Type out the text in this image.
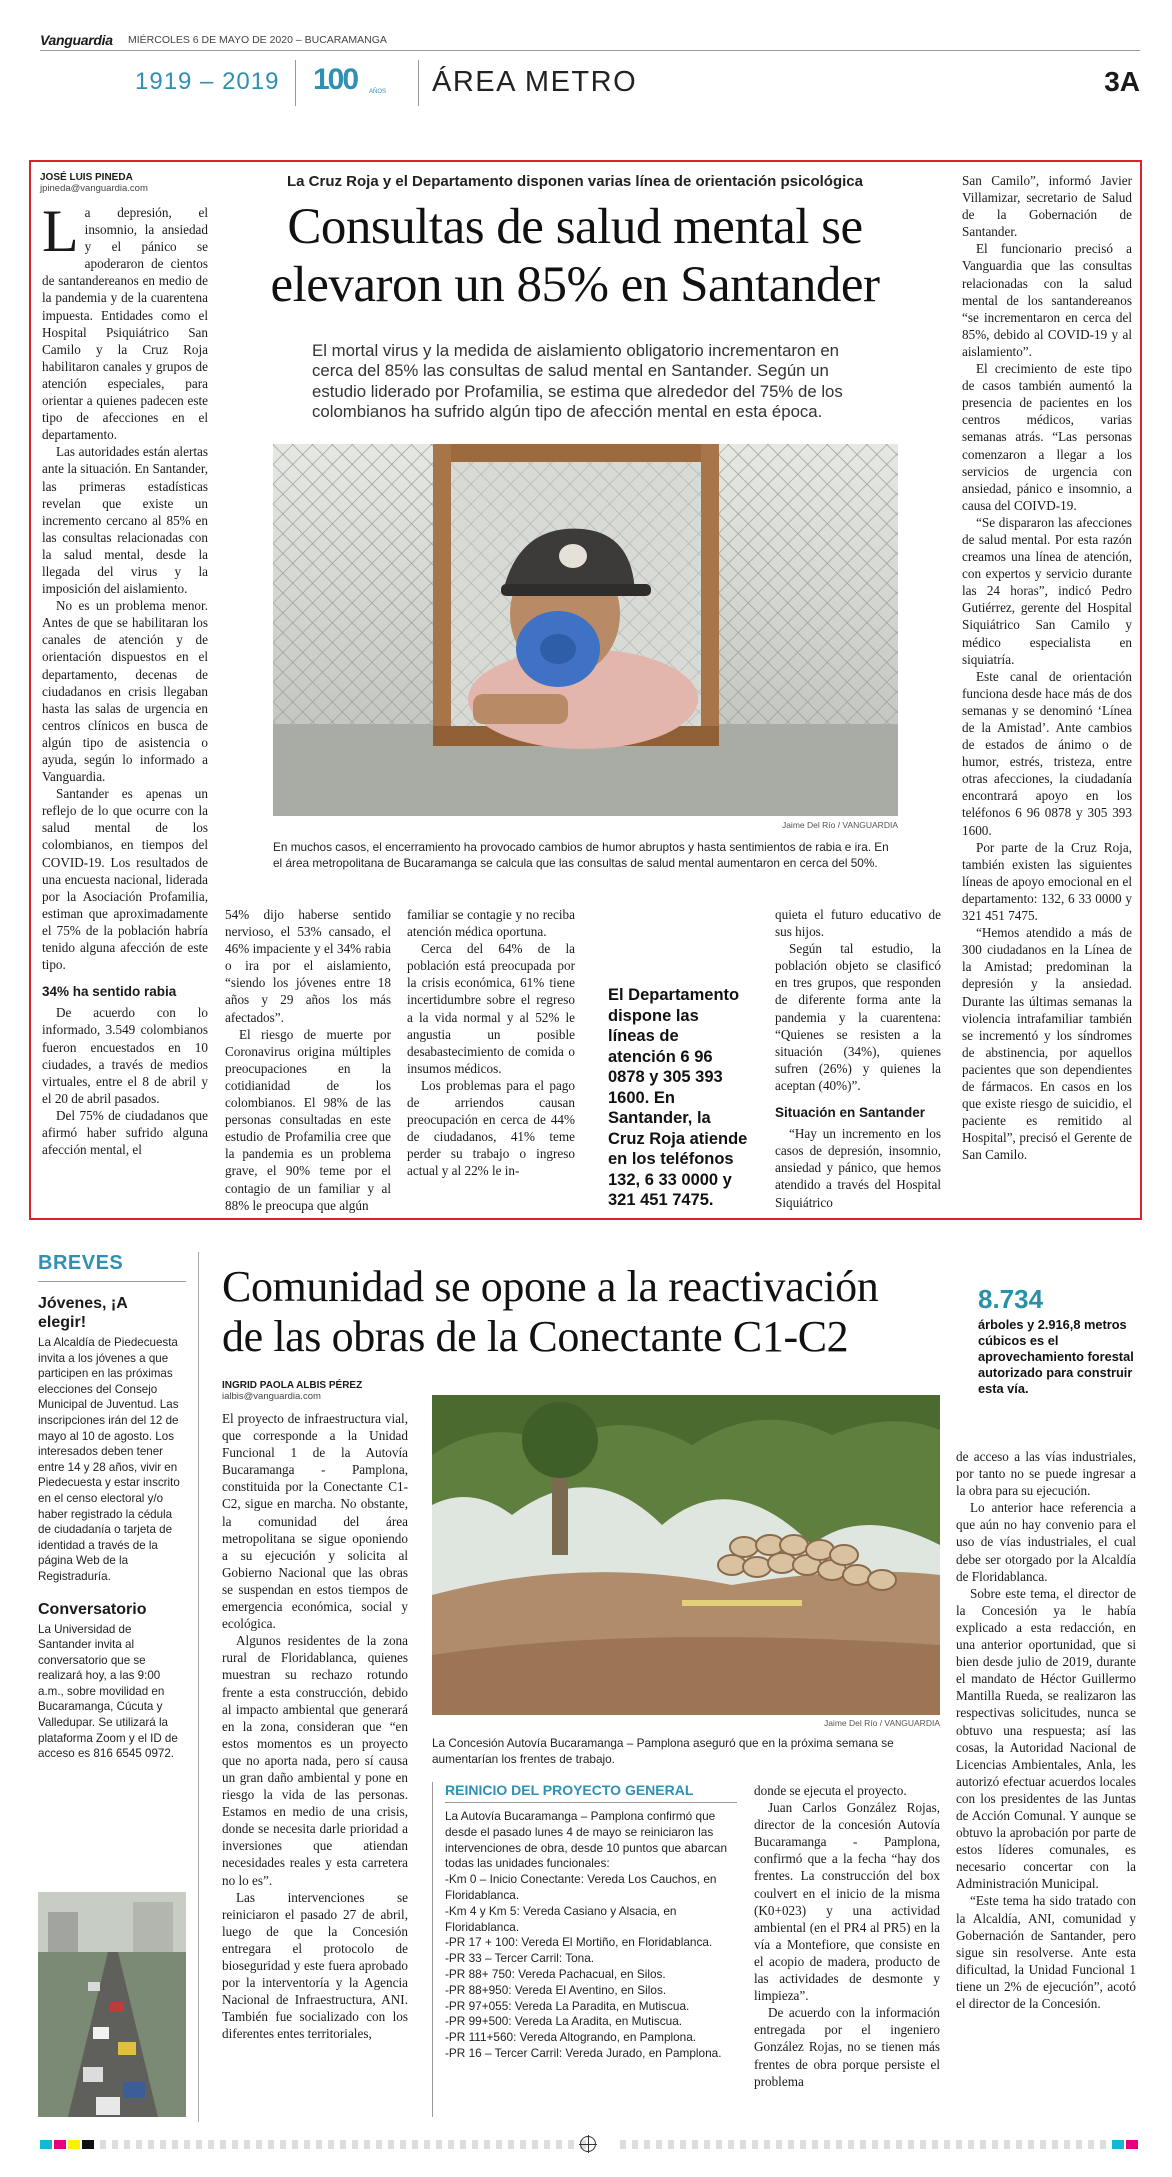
Vanguardia MIÉRCOLES 6 DE MAYO DE 2020 – BUCARAMANGA
1919 – 2019 100 AÑOS ÁREA METRO	3A
JOSÉ LUIS PINEDA
jpineda@vanguardia.com	La Cruz Roja y el Departamento disponen varias línea de orientación psicológica
Consultas de salud mental se
elevaron un 85% en Santander
El mortal virus y la medida de aislamiento obligatorio incrementaron en cerca del 85% las consultas de salud mental en Santander. Según un estudio liderado por Profamilia, se estima que alrededor del 75% de los colombianos ha sufrido algún tipo de afección mental en esta época.
Jaime Del Río / VANGUARDIA
En muchos casos, el encerramiento ha provocado cambios de humor abruptos y hasta sentimientos de rabia e ira. En el área metropolitana de Bucaramanga se calcula que las consultas de salud mental aumentaron en cerca del 50%.
L a depresión, el insomnio, la ansiedad y el pánico se apoderaron de cientos de santandereanos en medio de la pandemia y de la cuarentena impuesta. Entidades como el Hospital Psiquiátrico San Camilo y la Cruz Roja habilitaron canales y grupos de atención especiales, para orientar a quienes padecen este tipo de afecciones en el departamento.

Las autoridades están alertas ante la situación. En Santander, las primeras estadísticas revelan que existe un incremento cercano al 85% en las consultas relacionadas con la salud mental, desde la llegada del virus y la imposición del aislamiento.

No es un problema menor. Antes de que se habilitaran los canales de atención y de orientación dispuestos en el departamento, decenas de ciudadanos en crisis llegaban hasta las salas de urgencia en centros clínicos en busca de algún tipo de asistencia o ayuda, según lo informado a Vanguardia.

Santander es apenas un reflejo de lo que ocurre con la salud mental de los colombianos, en tiempos del COVID-19. Los resultados de una encuesta nacional, liderada por la Asociación Profamilia, estiman que aproximadamente el 75% de la población habría tenido alguna afección de este tipo.

34% ha sentido rabia

De acuerdo con lo informado, 3.549 colombianos fueron encuestados en 10 ciudades, a través de medios virtuales, entre el 8 de abril y el 20 de abril pasados.

Del 75% de ciudadanos que afirmó haber sufrido alguna afección mental, el

54% dijo haberse sentido nervioso, el 53% cansado, el 46% impaciente y el 34% rabia o ira por el aislamiento, “siendo los jóvenes entre 18 años y 29 años los más afectados”.

El riesgo de muerte por Coronavirus origina múltiples preocupaciones en la cotidianidad de los colombianos. El 98% de las personas consultadas en este estudio de Profamilia cree que la pandemia es un problema grave, el 90% teme por el contagio de un familiar y al 88% le preocupa que algún

familiar se contagie y no reciba atención médica oportuna.

Cerca del 64% de la población está preocupada por la crisis económica, 61% tiene incertidumbre sobre el regreso a la vida normal y al 52% le angustia un posible desabastecimiento de comida o insumos médicos.

Los problemas para el pago de arriendos causan preocupación en cerca de 44% de ciudadanos, 41% teme perder su trabajo o ingreso actual y al 22% le in-

El Departamento dispone las líneas de atención 6 96 0878 y 305 393 1600. En Santander, la Cruz Roja atiende en los teléfonos 132, 6 33 0000 y 321 451 7475.

quieta el futuro educativo de sus hijos.

Según tal estudio, la población objeto se clasificó en tres grupos, que responden de diferente forma ante la pandemia y la cuarentena: “Quienes se resisten a la situación (34%), quienes sufren (26%) y quienes la aceptan (40%)”.

Situación en Santander

“Hay un incremento en los casos de depresión, insomnio, ansiedad y pánico, que hemos atendido a través del Hospital Siquiátrico

San Camilo”, informó Javier Villamizar, secretario de Salud de la Gobernación de Santander.

El funcionario precisó a Vanguardia que las consultas relacionadas con la salud mental de los santandereanos “se incrementaron en cerca del 85%, debido al COVID-19 y al aislamiento”.

El crecimiento de este tipo de casos también aumentó la presencia de pacientes en los centros médicos, varias semanas atrás. “Las personas comenzaron a llegar a los servicios de urgencia con ansiedad, pánico e insomnio, a causa del COIVD-19.

“Se dispararon las afecciones de salud mental. Por esta razón creamos una línea de atención, con expertos y servicio durante las 24 horas”, indicó Pedro Gutiérrez, gerente del Hospital Siquiátrico San Camilo y médico especialista en siquiatría.

Este canal de orientación funciona desde hace más de dos semanas y se denominó ‘Línea de la Amistad’. Ante cambios de estados de ánimo o de humor, estrés, tristeza, entre otras afecciones, la ciudadanía encontrará apoyo en los teléfonos 6 96 0878 y 305 393 1600.

Por parte de la Cruz Roja, también existen las siguientes líneas de apoyo emocional en el departamento: 132, 6 33 0000 y 321 451 7475.

“Hemos atendido a más de 300 ciudadanos en la Línea de la Amistad; predominan la depresión y la ansiedad. Durante las últimas semanas la violencia intrafamiliar también se incrementó y los síndromes de abstinencia, por aquellos pacientes que son dependientes de fármacos. En casos en los que existe riesgo de suicidio, el paciente es remitido al Hospital”, precisó el Gerente de San Camilo.

BREVES
Jóvenes, ¡A elegir!
La Alcaldía de Piedecuesta invita a los jóvenes a que participen en las próximas elecciones del Consejo Municipal de Juventud. Las inscripciones irán del 12 de mayo al 10 de agosto. Los interesados deben tener entre 14 y 28 años, vivir en Piedecuesta y estar inscrito en el censo electoral y/o haber registrado la cédula de ciudadanía o tarjeta de identidad a través de la página Web de la Registraduría.
Conversatorio
La Universidad de Santander invita al conversatorio que se realizará hoy, a las 9:00 a.m., sobre movilidad en Bucaramanga, Cúcuta y Valledupar. Se utilizará la plataforma Zoom y el ID de acceso es 816 6545 0972.
Comunidad se opone a la reactivación
de las obras de la Conectante C1-C2
8.734
árboles y 2.916,8 metros cúbicos es el aprovechamiento forestal autorizado para construir esta vía.
INGRID PAOLA ALBIS PÉREZ
ialbis@vanguardia.com
Jaime Del Río / VANGUARDIA
La Concesión Autovía Bucaramanga – Pamplona aseguró que en la próxima semana se aumentarían los frentes de trabajo.

El proyecto de infraestructura vial, que corresponde a la Unidad Funcional 1 de la Autovía Bucaramanga - Pamplona, constituida por la Conectante C1-C2, sigue en marcha. No obstante, la comunidad del área metropolitana se sigue oponiendo a su ejecución y solicita al Gobierno Nacional que las obras se suspendan en estos tiempos de emergencia económica, social y ecológica.

Algunos residentes de la zona rural de Floridablanca, quienes muestran su rechazo rotundo frente a esta construcción, debido al impacto ambiental que generará en la zona, consideran que “en estos momentos es un proyecto que no aporta nada, pero sí causa un gran daño ambiental y pone en riesgo la vida de las personas. Estamos en medio de una crisis, donde se necesita darle prioridad a inversiones que atiendan necesidades reales y esta carretera no lo es”.

Las intervenciones se reiniciaron el pasado 27 de abril, luego de que la Concesión entregara el protocolo de bioseguridad y este fuera aprobado por la interventoría y la Agencia Nacional de Infraestructura, ANI. También fue socializado con los diferentes entes territoriales,

REINICIO DEL PROYECTO GENERAL
La Autovía Bucaramanga – Pamplona confirmó que desde el pasado lunes 4 de mayo se reiniciaron las intervenciones de obra, desde 10 puntos que abarcan todas las unidades funcionales:
-Km 0 – Inicio Conectante: Vereda Los Cauchos, en Floridablanca.
-Km 4 y Km 5: Vereda Casiano y Alsacia, en Floridablanca.
-PR 17 + 100: Vereda El Mortiño, en Floridablanca.
-PR 33 – Tercer Carril: Tona.
-PR 88+ 750: Vereda Pachacual, en Silos.
-PR 88+950: Vereda El Aventino, en Silos.
-PR 97+055: Vereda La Paradita, en Mutiscua.
-PR 99+500: Vereda La Aradita, en Mutiscua.
-PR 111+560: Vereda Altogrando, en Pamplona.
-PR 16 – Tercer Carril: Vereda Jurado, en Pamplona.

donde se ejecuta el proyecto.

Juan Carlos González Rojas, director de la concesión Autovía Bucaramanga - Pamplona, confirmó que a la fecha “hay dos frentes. La construcción del box coulvert en el inicio de la misma (K0+023) y una actividad ambiental (en el PR4 al PR5) en la vía a Montefiore, que consiste en el acopio de madera, producto de las actividades de desmonte y limpieza”.

De acuerdo con la información entregada por el ingeniero González Rojas, no se tienen más frentes de obra porque persiste el problema

de acceso a las vías industriales, por tanto no se puede ingresar a la obra para su ejecución.

Lo anterior hace referencia a que aún no hay convenio para el uso de vías industriales, el cual debe ser otorgado por la Alcaldía de Floridablanca.

Sobre este tema, el director de la Concesión ya le había explicado a esta redacción, en una anterior oportunidad, que si bien desde julio de 2019, durante el mandato de Héctor Guillermo Mantilla Rueda, se realizaron las respectivas solicitudes, nunca se obtuvo una respuesta; así las cosas, la Autoridad Nacional de Licencias Ambientales, Anla, les autorizó efectuar acuerdos locales con los presidentes de las Juntas de Acción Comunal. Y aunque se obtuvo la aprobación por parte de estos líderes comunales, es necesario concertar con la Administración Municipal.

“Este tema ha sido tratado con la Alcaldía, ANI, comunidad y Gobernación de Santander, pero sigue sin resolverse. Ante esta dificultad, la Unidad Funcional 1 tiene un 2% de ejecución”, acotó el director de la Concesión.
